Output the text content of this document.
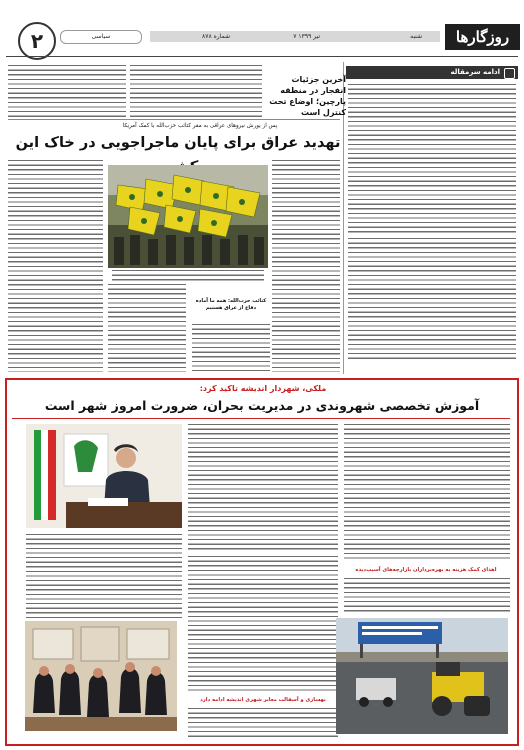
روزگارها
شنبه
۷ تیر ۱۳۹۹
شماره ۸۷۸
سیاسی
۲
ادامه سرمقاله
آخرین جزئیات انفجار در منطقه پارچین؛ اوضاع تحت کنترل است
پس از یورش نیروهای عراقی به مقر کتائب حزب‌الله با کمک آمریکا
تهدید عراق برای پایان ماجراجویی در خاک این
کتائب حزب‌الله: همه ما آماده دفاع از عراق هستیم
ملکی، شهردار اندیشه تاکید کرد:
آموزش تخصصی شهروندی در مدیریت بحران، ضرورت امروز شهر است
اهدای کمک هزینه به بهره‌برداران بازارچه‌های آسیب‌دیده
بهسازی و آسفالت معابر شهری اندیشه ادامه دارد
